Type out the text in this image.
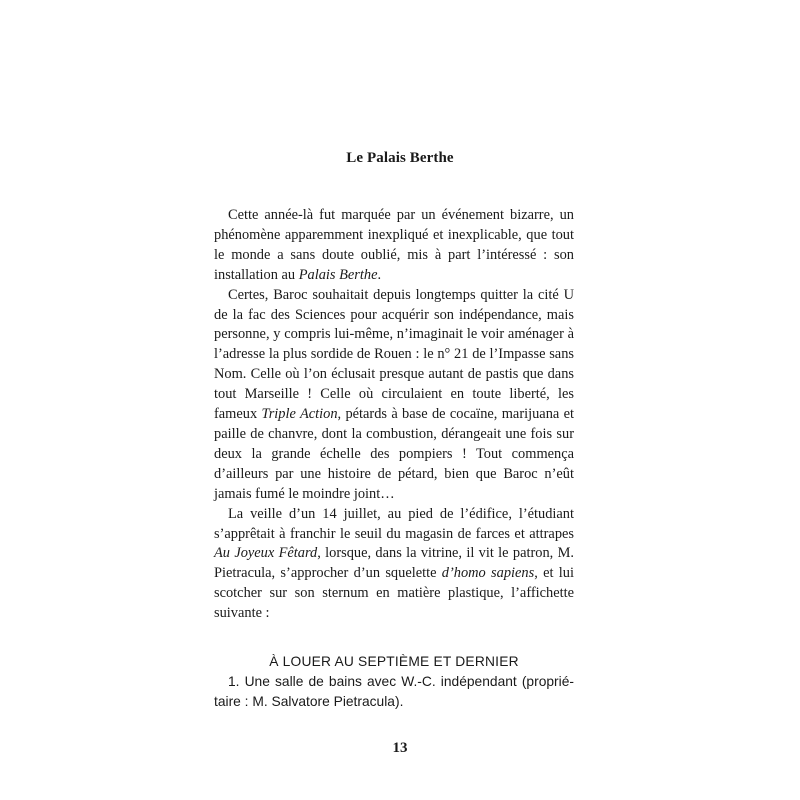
Le Palais Berthe

Cette année-là fut marquée par un événement bizarre, un phénomène apparemment inexpliqué et inexplicable, que tout le monde a sans doute oublié, mis à part l’intéressé : son installation au Palais Berthe.

Certes, Baroc souhaitait depuis longtemps quitter la cité U de la fac des Sciences pour acquérir son indépendance, mais personne, y compris lui-même, n’imaginait le voir aménager à l’adresse la plus sordide de Rouen : le n° 21 de l’Impasse sans Nom. Celle où l’on éclusait presque autant de pastis que dans tout Marseille ! Celle où circulaient en toute liberté, les fameux Triple Action, pétards à base de cocaïne, marijuana et paille de chanvre, dont la combustion, dérangeait une fois sur deux la grande échelle des pompiers ! Tout commença d’ailleurs par une histoire de pétard, bien que Baroc n’eût jamais fumé le moindre joint…

La veille d’un 14 juillet, au pied de l’édifice, l’étudiant s’apprêtait à franchir le seuil du magasin de farces et attrapes Au Joyeux Fêtard, lorsque, dans la vitrine, il vit le patron, M. Pietracula, s’approcher d’un squelette d’homo sapiens, et lui scotcher sur son sternum en matière plastique, l’affichette suivante :

À LOUER AU SEPTIÈME ET DERNIER
1. Une salle de bains avec W.-C. indépendant (propriétaire : M. Salvatore Pietracula).
13
